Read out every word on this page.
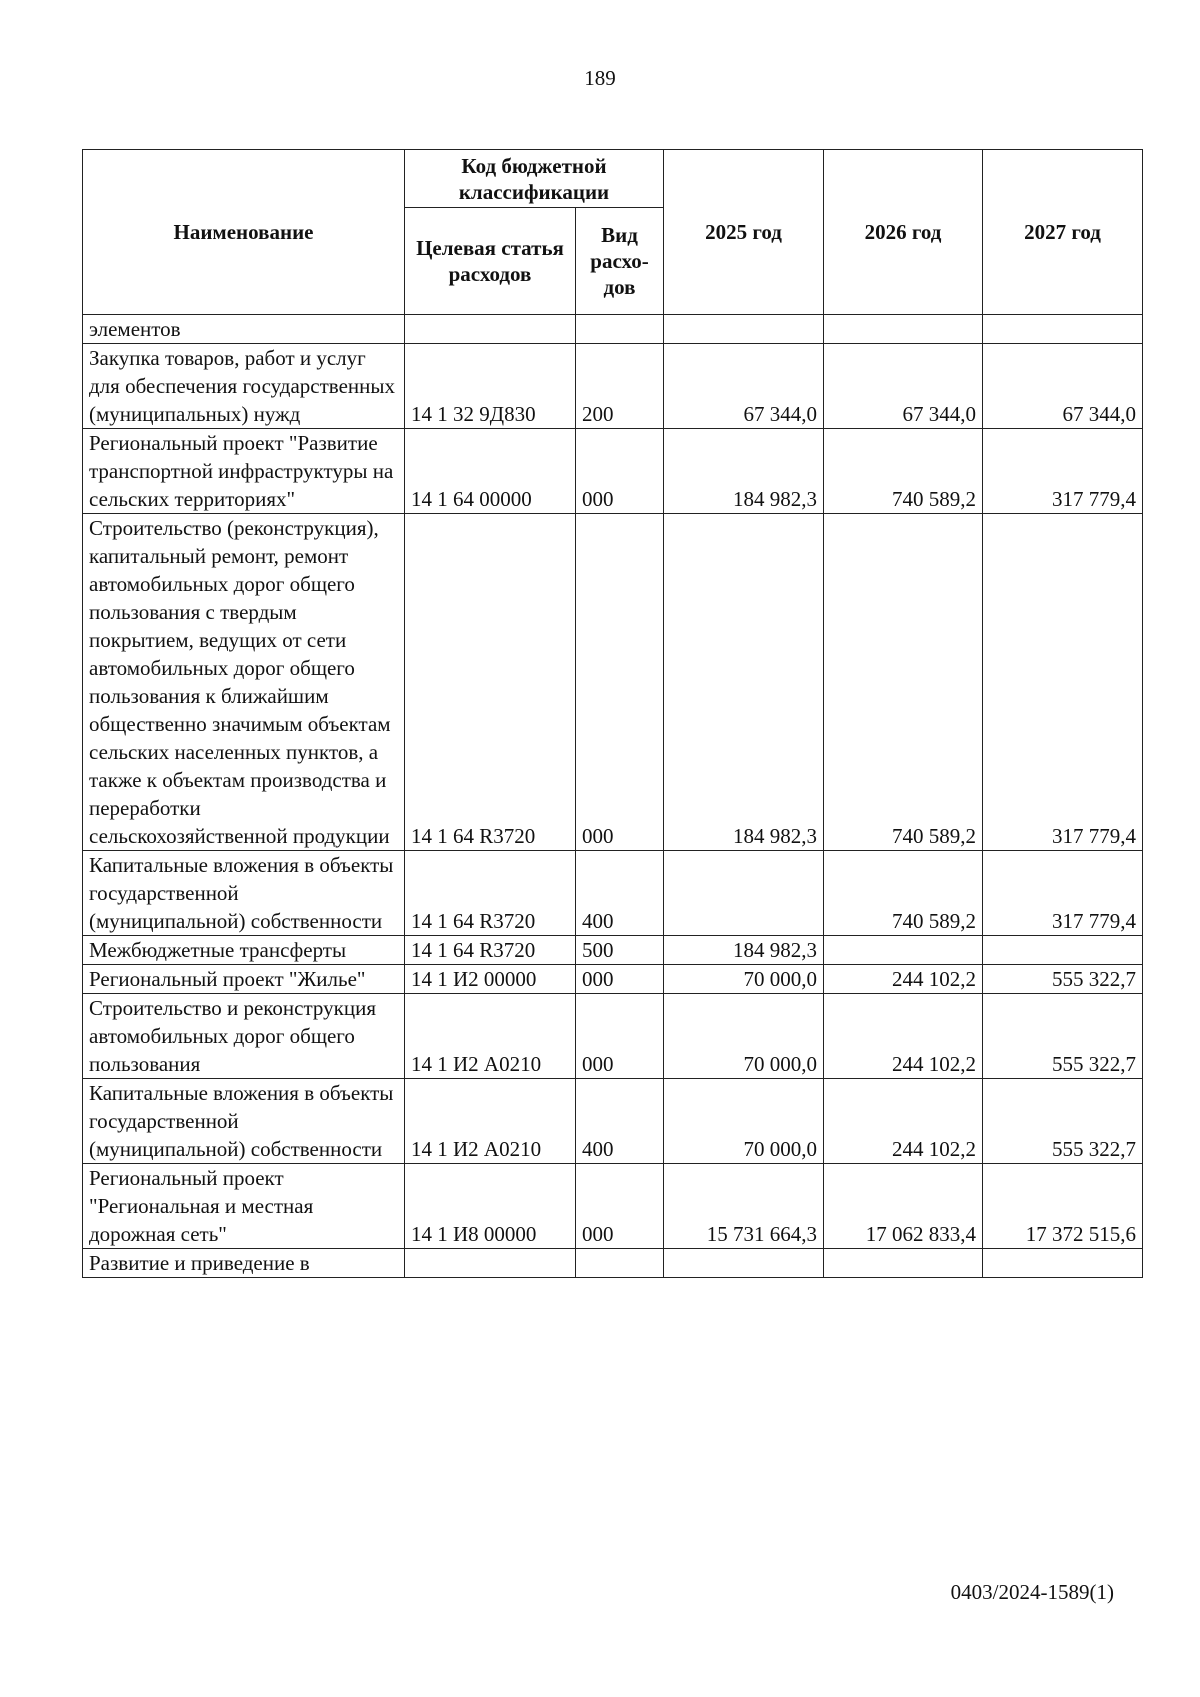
189
Наименование	Код бюджетной классификации		2025 год	2026 год	2027 год
	Целевая статья расходов	Вид расхо-дов			
элементов					
Закупка товаров, работ и услуг для обеспечения государственных (муниципальных) нужд	14 1 32 9Д830	200	67 344,0	67 344,0	67 344,0
Региональный проект "Развитие транспортной инфраструктуры на сельских территориях"	14 1 64 00000	000	184 982,3	740 589,2	317 779,4
Строительство (реконструкция), капитальный ремонт, ремонт автомобильных дорог общего пользования с твердым покрытием, ведущих от сети автомобильных дорог общего пользования к ближайшим общественно значимым объектам сельских населенных пунктов, а также к объектам производства и переработки сельскохозяйственной продукции	14 1 64 R3720	000	184 982,3	740 589,2	317 779,4
Капитальные вложения в объекты государственной (муниципальной) собственности	14 1 64 R3720	400		740 589,2	317 779,4
Межбюджетные трансферты	14 1 64 R3720	500	184 982,3		
Региональный проект "Жилье"	14 1 И2 00000	000	70 000,0	244 102,2	555 322,7
Строительство и реконструкция автомобильных дорог общего пользования	14 1 И2 А0210	000	70 000,0	244 102,2	555 322,7
Капитальные вложения в объекты государственной (муниципальной) собственности	14 1 И2 А0210	400	70 000,0	244 102,2	555 322,7
Региональный проект "Региональная и местная дорожная сеть"	14 1 И8 00000	000	15 731 664,3	17 062 833,4	17 372 515,6
Развитие и приведение в					
0403/2024-1589(1)
